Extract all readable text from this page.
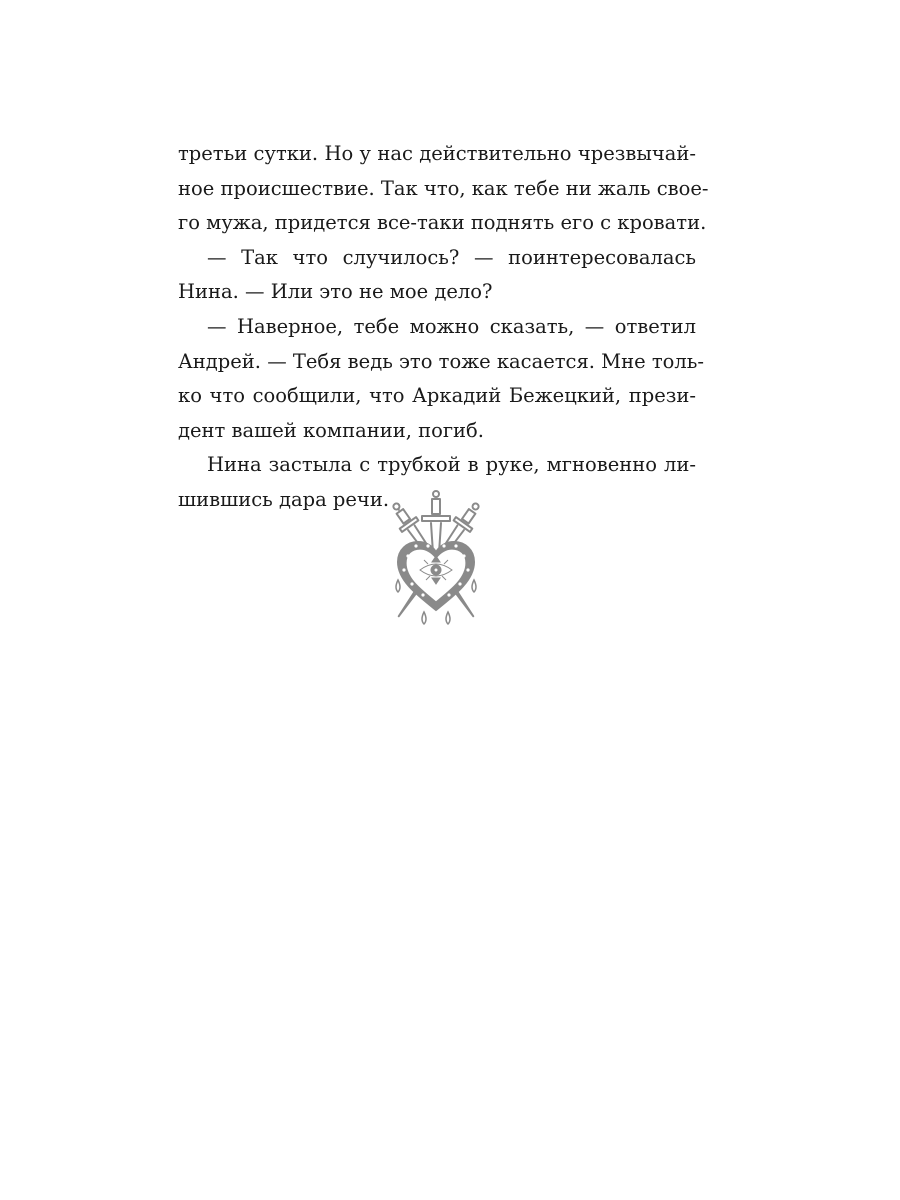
третьи сутки. Но у нас действительно чрезвычай-
ное происшествие. Так что, как тебе ни жаль свое-
го мужа, придется все-таки поднять его с кровати.
— Так что случилось? — поинтересовалась
Нина. — Или это не мое дело?
— Наверное, тебе можно сказать, — ответил
Андрей. — Тебя ведь это тоже касается. Мне толь-
ко что сообщили, что Аркадий Бежецкий, прези-
дент вашей компании, погиб.
Нина застыла с трубкой в руке, мгновенно ли-
шившись дара речи.
